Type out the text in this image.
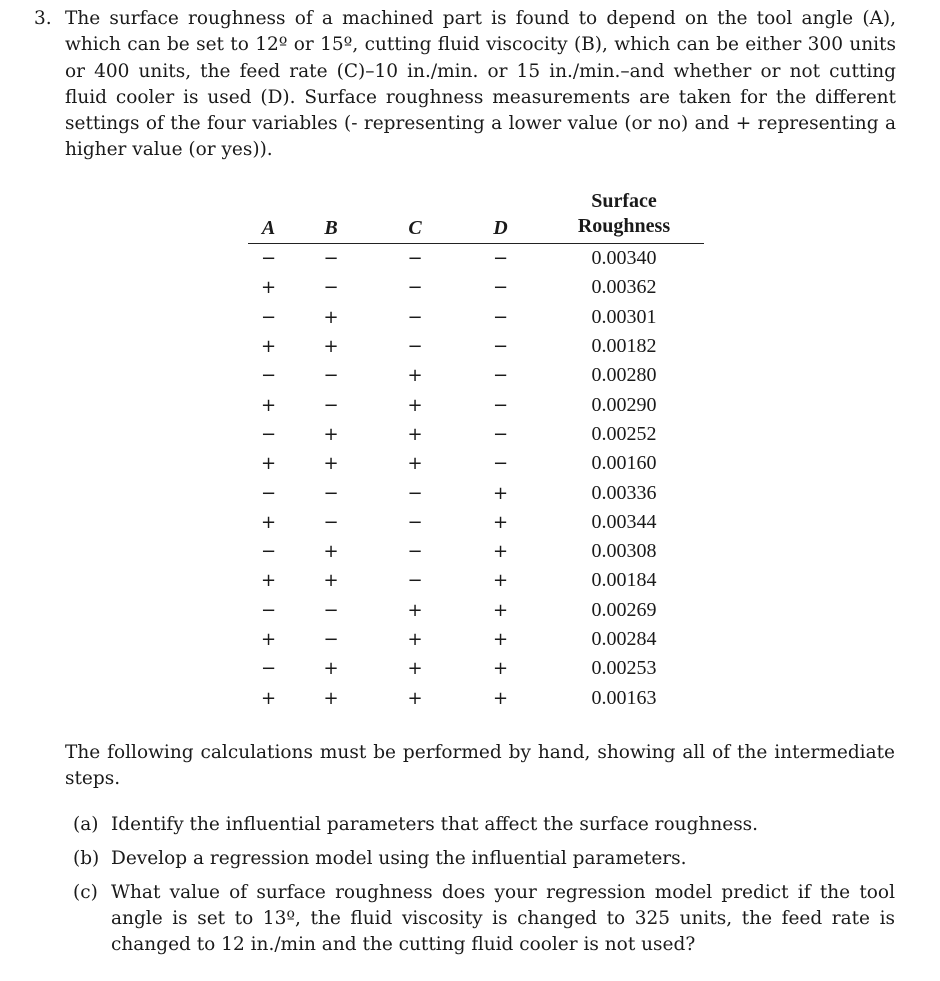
3. The surface roughness of a machined part is found to depend on the tool angle (A), which can be set to 12º or 15º, cutting fluid viscocity (B), which can be either 300 units or 400 units, the feed rate (C)–10 in./min. or 15 in./min.–and whether or not cutting fluid cooler is used (D). Surface roughness measurements are taken for the different settings of the four variables (- representing a lower value (or no) and + representing a higher value (or yes)).
A	B	C	D	Surface
Roughness

−	−	−	−	0.00340
+	−	−	−	0.00362
−	+	−	−	0.00301
+	+	−	−	0.00182
−	−	+	−	0.00280
+	−	+	−	0.00290
−	+	+	−	0.00252
+	+	+	−	0.00160
−	−	−	+	0.00336
+	−	−	+	0.00344
−	+	−	+	0.00308
+	+	−	+	0.00184
−	−	+	+	0.00269
+	−	+	+	0.00284
−	+	+	+	0.00253
+	+	+	+	0.00163
The following calculations must be performed by hand, showing all of the intermediate steps.
(a) Identify the influential parameters that affect the surface roughness.
(b) Develop a regression model using the influential parameters.
(c) What value of surface roughness does your regression model predict if the tool angle is set to 13º, the fluid viscosity is changed to 325 units, the feed rate is changed to 12 in./min and the cutting fluid cooler is not used?
